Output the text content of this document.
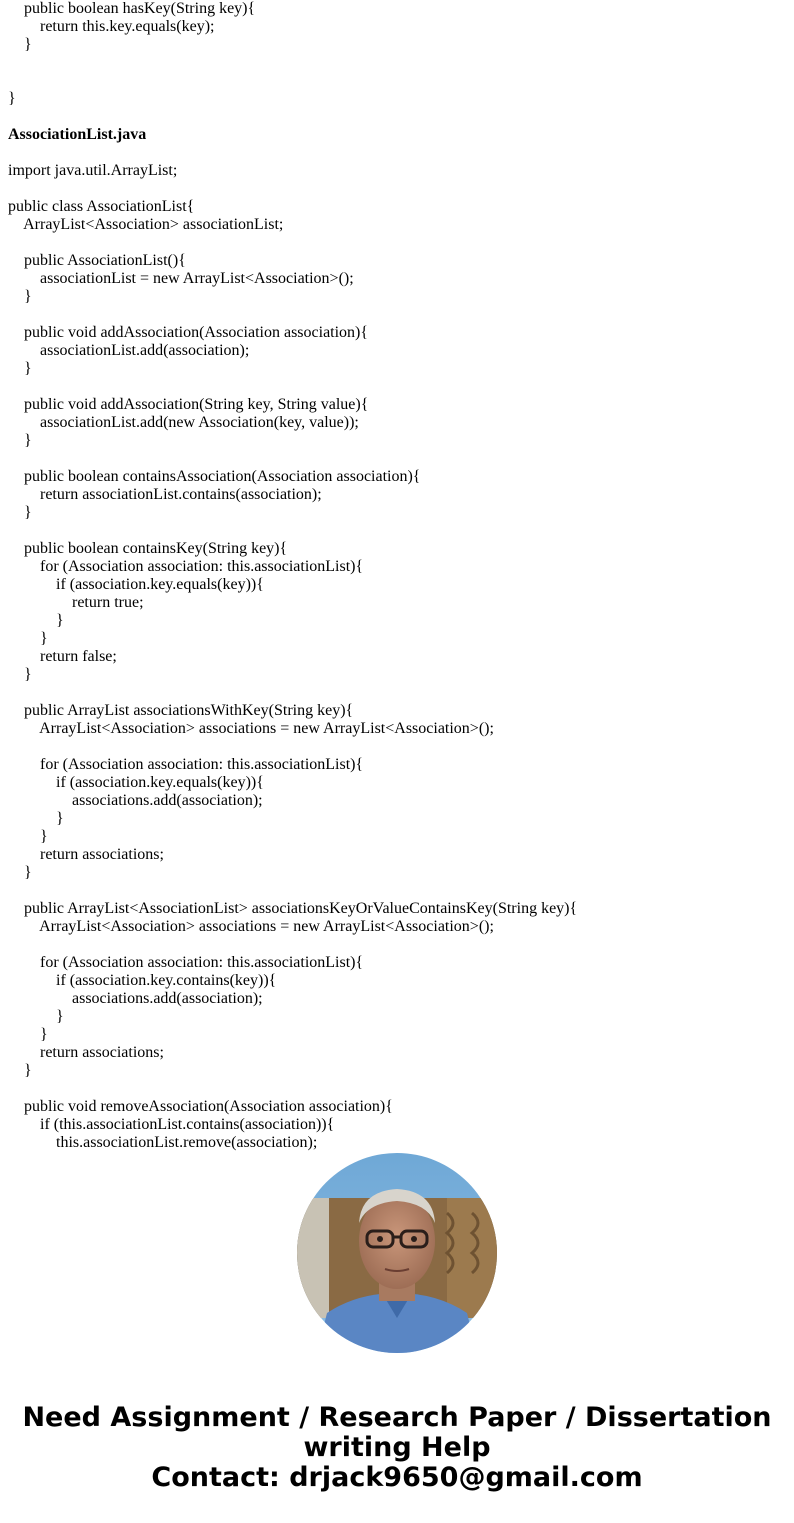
public boolean hasKey(String key){
return this.key.equals(key);
}
}
AssociationList.java
import java.util.ArrayList;
public class AssociationList{
ArrayList<Association> associationList;
public AssociationList(){
associationList = new ArrayList<Association>();
}
public void addAssociation(Association association){
associationList.add(association);
}
public void addAssociation(String key, String value){
associationList.add(new Association(key, value));
}
public boolean containsAssociation(Association association){
return associationList.contains(association);
}
public boolean containsKey(String key){
for (Association association: this.associationList){
if (association.key.equals(key)){
return true;
}
}
return false;
}
public ArrayList associationsWithKey(String key){
ArrayList<Association> associations = new ArrayList<Association>();
for (Association association: this.associationList){
if (association.key.equals(key)){
associations.add(association);
}
}
return associations;
}
public ArrayList<AssociationList> associationsKeyOrValueContainsKey(String key){
ArrayList<Association> associations = new ArrayList<Association>();
for (Association association: this.associationList){
if (association.key.contains(key)){
associations.add(association);
}
}
return associations;
}
public void removeAssociation(Association association){
if (this.associationList.contains(association)){
this.associationList.remove(association);
Need Assignment / Research Paper / Dissertation
writing Help
Contact: drjack9650@gmail.com
